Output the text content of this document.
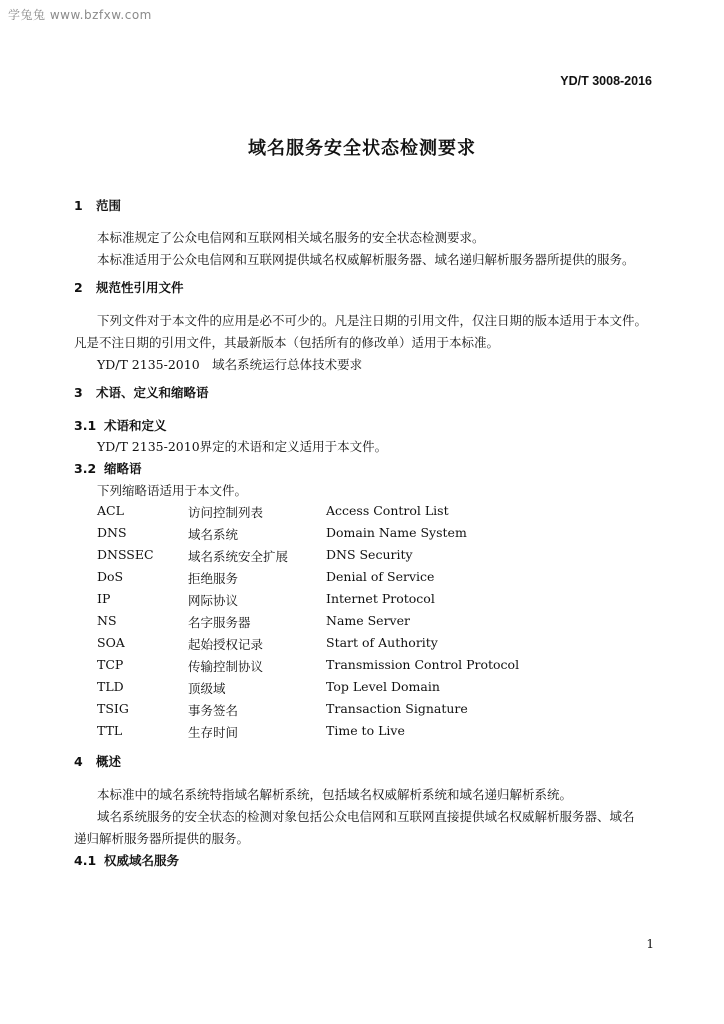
学兔兔 www.bzfxw.com
YD/T 3008-2016
域名服务安全状态检测要求
1 范围
本标准规定了公众电信网和互联网相关域名服务的安全状态检测要求。
本标准适用于公众电信网和互联网提供域名权威解析服务器、域名递归解析服务器所提供的服务。
2 规范性引用文件
下列文件对于本文件的应用是必不可少的。凡是注日期的引用文件，仅注日期的版本适用于本文件。
凡是不注日期的引用文件，其最新版本（包括所有的修改单）适用于本标准。
YD/T 2135-2010　域名系统运行总体技术要求
3 术语、定义和缩略语
3.1 术语和定义
YD/T 2135-2010界定的术语和定义适用于本文件。
3.2 缩略语
下列缩略语适用于本文件。
ACL	访问控制列表	Access Control List
DNS	域名系统	Domain Name System
DNSSEC	域名系统安全扩展	DNS Security
DoS	拒绝服务	Denial of Service
IP	网际协议	Internet Protocol
NS	名字服务器	Name Server
SOA	起始授权记录	Start of Authority
TCP	传输控制协议	Transmission Control Protocol
TLD	顶级域	Top Level Domain
TSIG	事务签名	Transaction Signature
TTL	生存时间	Time to Live
4 概述
本标准中的域名系统特指域名解析系统，包括域名权威解析系统和域名递归解析系统。
域名系统服务的安全状态的检测对象包括公众电信网和互联网直接提供域名权威解析服务器、域名
递归解析服务器所提供的服务。
4.1 权威域名服务
1
